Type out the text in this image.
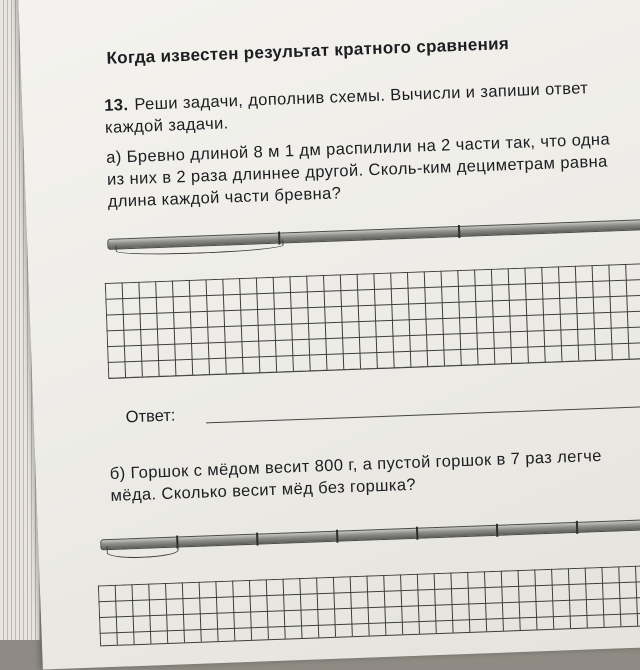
Когда известен результат кратного сравнения
13. Реши задачи, дополнив схемы. Вычисли и запиши ответ каждой задачи.
а) Бревно длиной 8 м 1 дм распилили на 2 части так, что одна из них в 2 раза длиннее другой. Сколь-ким дециметрам равна длина каждой части бревна?
Ответ:
б) Горшок с мёдом весит 800 г, а пустой горшок в 7 раз легче мёда. Сколько весит мёд без горшка?
